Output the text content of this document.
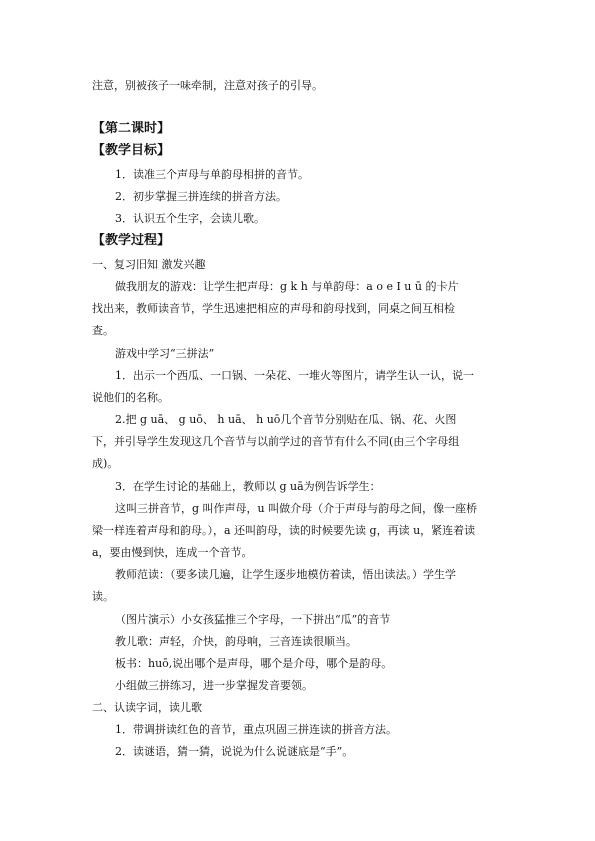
注意，别被孩子一味牵制，注意对孩子的引导。
【第二课时】
【教学目标】
1．读准三个声母与单韵母相拼的音节。
2．初步掌握三拼连续的拼音方法。
3．认识五个生字，会读儿歌。
【教学过程】
一、复习旧知 激发兴趣
做我朋友的游戏：让学生把声母：g k h 与单韵母：a o e I u ū 的卡片
找出来，教师读音节，学生迅速把相应的声母和韵母找到，同桌之间互相检
查。
游戏中学习“三拼法”
1．出示一个西瓜、一口锅、一朵花、一堆火等图片，请学生认一认，说一
说他们的名称。
2.把 g uā、 g uō、 h uā、 h uō几个音节分别贴在瓜、锅、花、火图
下，并引导学生发现这几个音节与以前学过的音节有什么不同(由三个字母组
成)。
3．在学生讨论的基础上，教师以 g uā为例告诉学生：
这叫三拼音节，g 叫作声母，u 叫做介母（介于声母与韵母之间，像一座桥
梁一样连着声母和韵母。），a 还叫韵母，读的时候要先读 g，再读 u，紧连着读
a，要由慢到快，连成一个音节。
教师范读：（要多读几遍，让学生逐步地模仿着读，悟出读法。）学生学
读。
（图片演示）小女孩猛推三个字母，一下拼出“瓜”的音节
教儿歌：声轻，介快，韵母响，三音连读很顺当。
板书：huō,说出哪个是声母，哪个是介母，哪个是韵母。
小组做三拼练习，进一步掌握发音要领。
二、认读字词，读儿歌
1．带调拼读红色的音节，重点巩固三拼连读的拼音方法。
2．读谜语，猜一猜，说说为什么说谜底是“手”。
